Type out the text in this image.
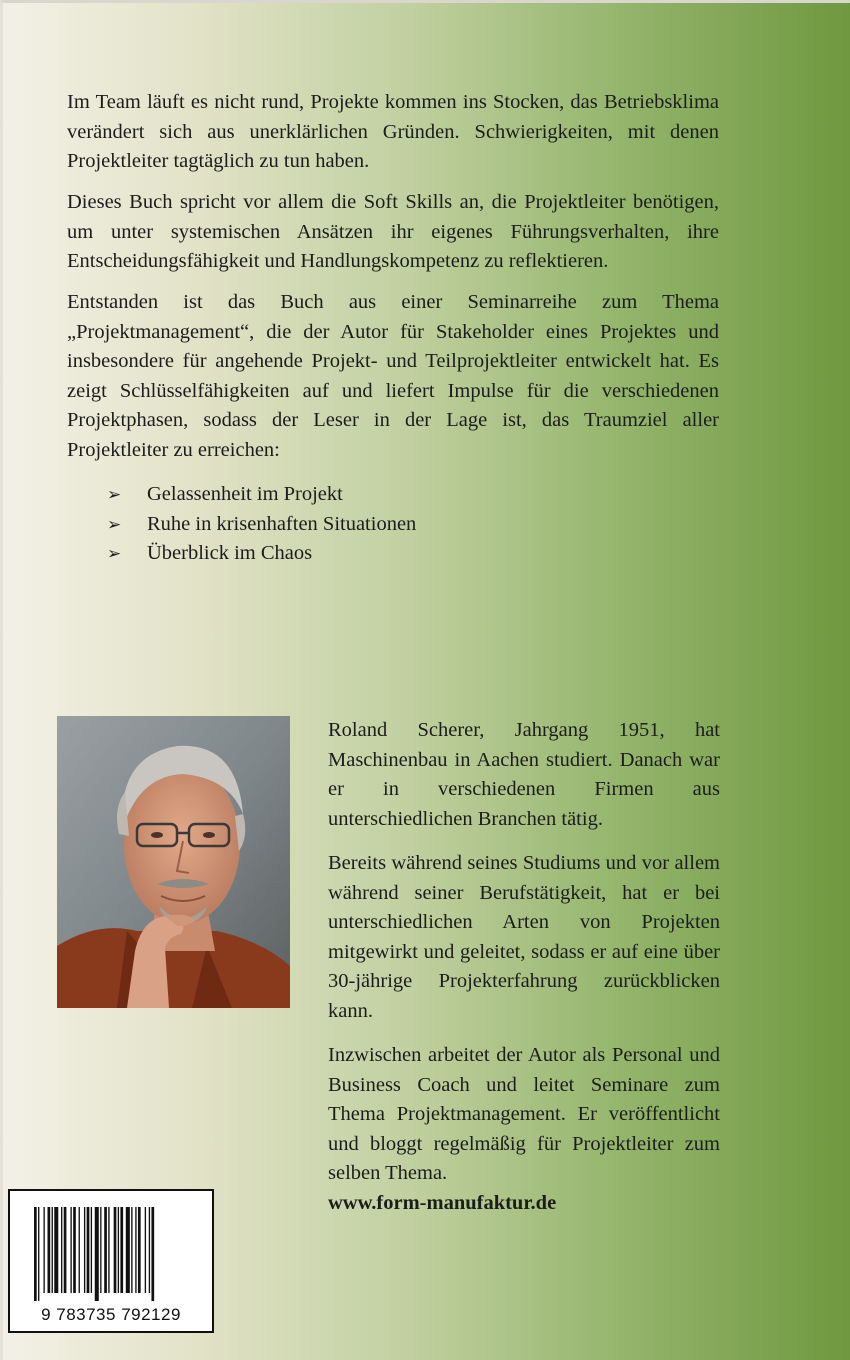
Im Team läuft es nicht rund, Projekte kommen ins Stocken, das Betriebsklima verändert sich aus unerklärlichen Gründen. Schwierigkeiten, mit denen Projektleiter tagtäglich zu tun haben.

Dieses Buch spricht vor allem die Soft Skills an, die Projektleiter benötigen, um unter systemischen Ansätzen ihr eigenes Führungsverhalten, ihre Entscheidungsfähigkeit und Handlungskompetenz zu reflektieren.

Entstanden ist das Buch aus einer Seminarreihe zum Thema „Projektmanagement“, die der Autor für Stakeholder eines Projektes und insbesondere für angehende Projekt- und Teilprojektleiter entwickelt hat. Es zeigt Schlüsselfähigkeiten auf und liefert Impulse für die verschiedenen Projektphasen, sodass der Leser in der Lage ist, das Traumziel aller Projektleiter zu erreichen:

➢	Gelassenheit im Projekt
➢	Ruhe in krisenhaften Situationen
➢	Überblick im Chaos

Roland Scherer, Jahrgang 1951, hat Maschinenbau in Aachen studiert. Danach war er in verschiedenen Firmen aus unterschiedlichen Branchen tätig.

Bereits während seines Studiums und vor allem während seiner Berufstätigkeit, hat er bei unterschiedlichen Arten von Projekten mitgewirkt und geleitet, sodass er auf eine über 30-jährige Projekterfahrung zurückblicken kann.

Inzwischen arbeitet der Autor als Personal und Business Coach und leitet Seminare zum Thema Projektmanagement. Er veröffentlicht und bloggt regelmäßig für Projektleiter zum selben Thema.

www.form-manufaktur.de
9 783735 792129
